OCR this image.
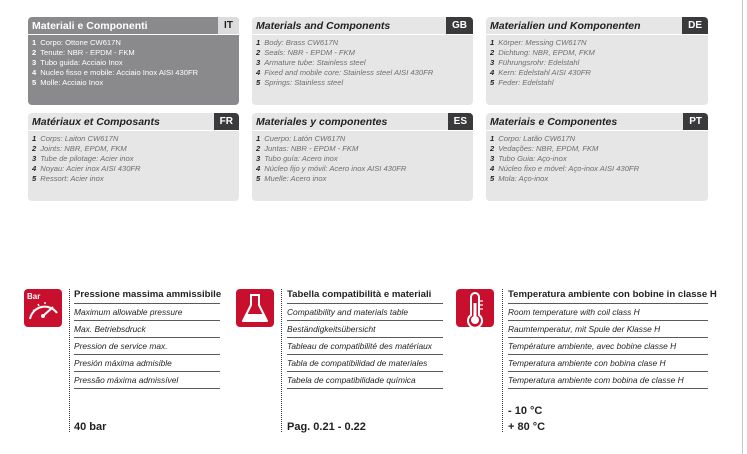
Materiali e Componenti	IT
1 Corpo: Ottone CW617N
2 Tenute: NBR - EPDM - FKM
3 Tubo guida: Acciaio Inox
4 Nucleo fisso e mobile: Acciaio Inox AISI 430FR
5 Molle: Acciaio Inox
Materials and Components	GB
1 Body: Brass CW617N
2 Seals: NBR - EPDM - FKM
3 Armature tube: Stainless steel
4 Fixed and mobile core: Stainless steel AISI 430FR
5 Springs: Stainless steel
Materialien und Komponenten	DE
1 Körper: Messing CW617N
2 Dichtung: NBR, EPDM, FKM
3 Führungsrohr: Edelstahl
4 Kern: Edelstahl AISI 430FR
5 Feder: Edelstahl
Matériaux et Composants	FR
1 Corps: Laiton CW617N
2 Joints: NBR, EPDM, FKM
3 Tube de pilotage: Acier inox
4 Noyau: Acier inox AISI 430FR
5 Ressort: Acier inox
Materiales y componentes	ES
1 Cuerpo: Latón CW617N
2 Juntas: NBR - EPDM - FKM
3 Tubo guía: Acero inox
4 Núcleo fijo y móvil: Acero inox AISI 430FR
5 Muelle: Acero inox
Materiais e Componentes	PT
1 Corpo: Latão CW617N
2 Vedações: NBR, EPDM, FKM
3 Tubo Guia: Aço-inox
4 Núcleo fixo e móvel: Aço-inox AISI 430FR
5 Mola: Aço-inox
Bar	Pressione massima ammissibile
Maximum allowable pressure
Max. Betriebsdruck
Pression de service max.
Presión máxima admisible
Pressão máxima admissível
40 bar
Tabella compatibilità e materiali
Compatibility and materials table
Beständigkeitsübersicht
Tableau de compatibilité des matériaux
Tabla de compatibilidad de materiales
Tabela de compatibilidade química
Pag. 0.21 - 0.22
Temperatura ambiente con bobine in classe H
Room temperature with coil class H
Raumtemperatur, mit Spule der Klasse H
Température ambiente, avec bobine classe H
Temperatura ambiente con bobina clase H
Temperatura ambiente com bobina de classe H
- 10 °C
+ 80 °C
